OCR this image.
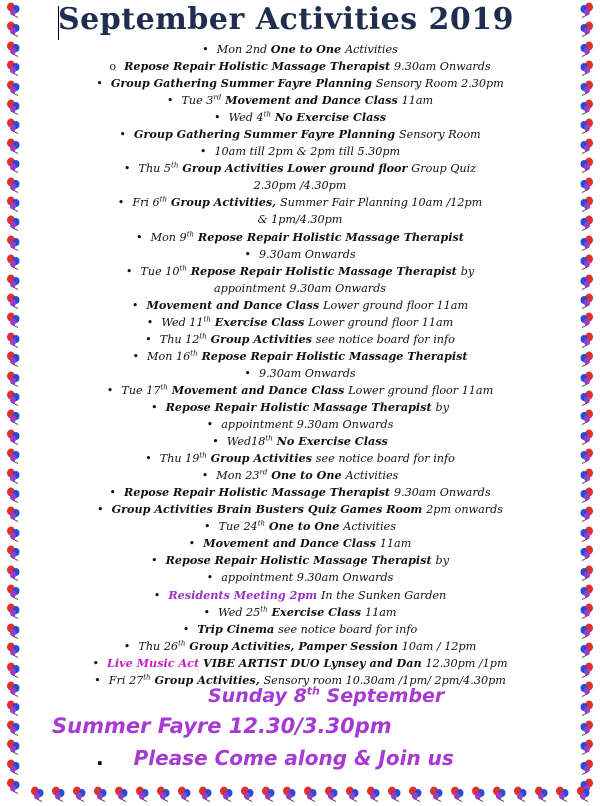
September Activities 2019
• Mon 2nd One to One Activities
o Repose Repair Holistic Massage Therapist 9.30am Onwards
• Group Gathering Summer Fayre Planning Sensory Room 2.30pm
• Tue 3rd Movement and Dance Class 11am
• Wed 4th No Exercise Class
• Group Gathering Summer Fayre Planning Sensory Room
• 10am till 2pm & 2pm till 5.30pm
• Thu 5th Group Activities Lower ground floor Group Quiz
2.30pm /4.30pm
• Fri 6th Group Activities, Summer Fair Planning 10am /12pm
& 1pm/4.30pm
• Mon 9th Repose Repair Holistic Massage Therapist
• 9.30am Onwards
• Tue 10th Repose Repair Holistic Massage Therapist by
appointment 9.30am Onwards
• Movement and Dance Class Lower ground floor 11am
• Wed 11th Exercise Class Lower ground floor 11am
• Thu 12th Group Activities see notice board for info
• Mon 16th Repose Repair Holistic Massage Therapist
• 9.30am Onwards
• Tue 17th Movement and Dance Class Lower ground floor 11am
• Repose Repair Holistic Massage Therapist by
• appointment 9.30am Onwards
• Wed18th No Exercise Class
• Thu 19th Group Activities see notice board for info
• Mon 23rd One to One Activities
• Repose Repair Holistic Massage Therapist 9.30am Onwards
• Group Activities Brain Busters Quiz Games Room 2pm onwards
• Tue 24th One to One Activities
• Movement and Dance Class 11am
• Repose Repair Holistic Massage Therapist by
• appointment 9.30am Onwards
• Residents Meeting 2pm In the Sunken Garden
• Wed 25th Exercise Class 11am
• Trip Cinema see notice board for info
• Thu 26th Group Activities, Pamper Session 10am / 12pm
• Live Music Act VIBE ARTIST DUO Lynsey and Dan 12.30pm /1pm
• Fri 27th Group Activities, Sensory room 10.30am /1pm/ 2pm/4.30pm
Sunday 8th September
Summer Fayre 12.30/3.30pm
. Please Come along & Join us
